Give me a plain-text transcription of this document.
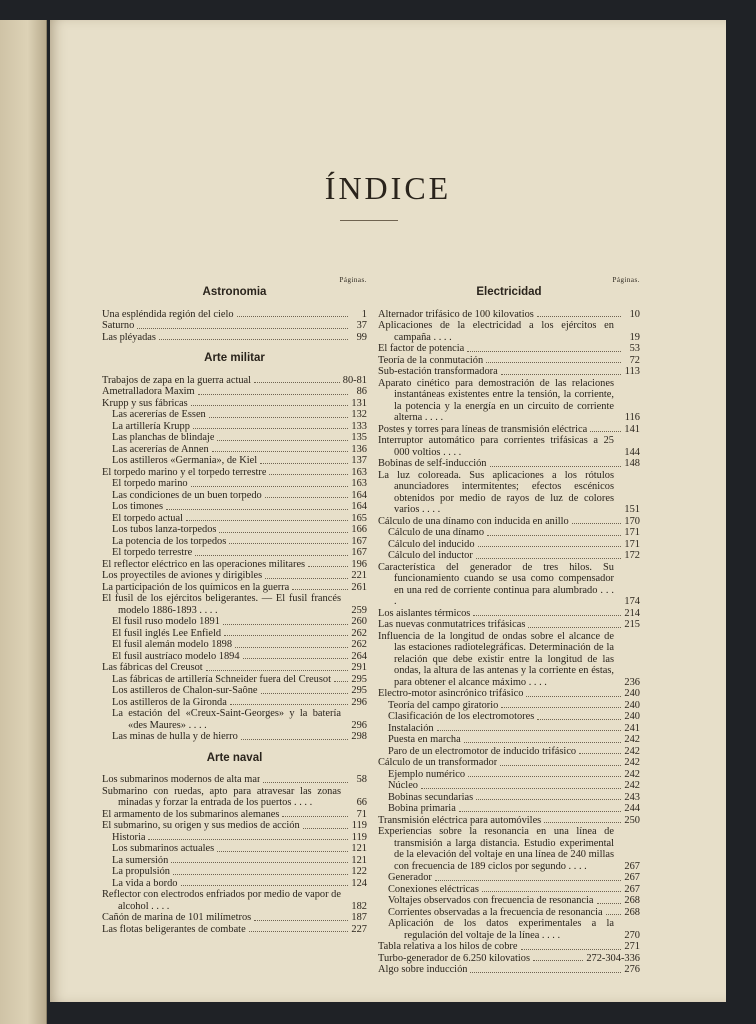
ÍNDICE
Páginas.
Astronomia
Una espléndida región del cielo	1
Saturno	37
Las pléyadas	99
Arte militar
Trabajos de zapa en la guerra actual	80-81
Ametralladora Maxim	86
Krupp y sus fábricas	131
Las acererías de Essen	132
La artillería Krupp	133
Las planchas de blindaje	135
Las acererías de Annen	136
Los astilleros «Germania», de Kiel	137
El torpedo marino y el torpedo terrestre	163
El torpedo marino	163
Las condiciones de un buen torpedo	164
Los timones	164
El torpedo actual	165
Los tubos lanza-torpedos	166
La potencia de los torpedos	167
El torpedo terrestre	167
El reflector eléctrico en las operaciones militares	196
Los proyectiles de aviones y dirigibles	221
La participación de los químicos en la guerra	261
El fusil de los ejércitos beligerantes. — El fusil francés modelo 1886-1893 . . . .	259
El fusil ruso modelo 1891	260
El fusil inglés Lee Enfield	262
El fusil alemán modelo 1898	262
El fusil austríaco modelo 1894	264
Las fábricas del Creusot	291
Las fábricas de artillería Schneider fuera del Creusot 295
Los astilleros de Chalon-sur-Saône	295
Los astilleros de la Gironda	296
La estación del «Creux-Saint-Georges» y la batería «des Maures» . . . .	296
Las minas de hulla y de hierro	298
Arte naval
Los submarinos modernos de alta mar	58
Submarino con ruedas, apto para atravesar las zonas minadas y forzar la entrada de los puertos . . . .	66
El armamento de los submarinos alemanes	71
El submarino, su origen y sus medios de acción	119
Historia	119
Los submarinos actuales	121
La sumersión	121
La propulsión	122
La vida a bordo	124
Reflector con electrodos enfriados por medio de vapor de alcohol . . . .	182
Cañón de marina de 101 milímetros	187
Las flotas beligerantes de combate	227
Páginas.
Electricidad
Alternador trifásico de 100 kilovatios	10
Aplicaciones de la electricidad a los ejércitos en campaña . . . .	19
El factor de potencia	53
Teoría de la conmutación	72
Sub-estación transformadora	113
Aparato cinético para demostración de las relaciones instantáneas existentes entre la tensión, la corriente, la potencia y la energía en un circuito de corriente alterna . . . .	116
Postes y torres para líneas de transmisión eléctrica	141
Interruptor automático para corrientes trifásicas a 25 000 voltios . . . .	144
Bobinas de self-inducción	148
La luz coloreada. Sus aplicaciones a los rótulos anunciadores intermitentes; efectos escénicos obtenidos por medio de rayos de luz de colores varios . . . .	151
Cálculo de una dínamo con inducida en anillo	170
Cálculo de una dínamo	171
Cálculo del inducido	171
Cálculo del inductor	172
Característica del generador de tres hilos. Su funcionamiento cuando se usa como compensador en una red de corriente continua para alumbrado . . . .	174
Los aislantes térmicos	214
Las nuevas conmutatrices trifásicas	215
Influencia de la longitud de ondas sobre el alcance de las estaciones radiotelegráficas. Determinación de la relación que debe existir entre la longitud de las ondas, la altura de las antenas y la corriente en éstas, para obtener el alcance máximo . . . .	236
Electro-motor asincrónico trifásico	240
Teoría del campo giratorio	240
Clasificación de los electromotores	240
Instalación	241
Puesta en marcha	242
Paro de un electromotor de inducido trifásico	242
Cálculo de un transformador	242
Ejemplo numérico	242
Núcleo	242
Bobinas secundarias	243
Bobina primaria	244
Transmisión eléctrica para automóviles	250
Experiencias sobre la resonancia en una línea de transmisión a larga distancia. Estudio experimental de la elevación del voltaje en una línea de 240 millas con frecuencia de 189 ciclos por segundo . . . .	267
Generador	267
Conexiones eléctricas	267
Voltajes observados con frecuencia de resonancia	268
Corrientes observadas a la frecuencia de resonancia 268
Aplicación de los datos experimentales a la regulación del voltaje de la línea . . . .	270
Tabla relativa a los hilos de cobre	271
Turbo-generador de 6.250 kilovatios	272-304-336
Algo sobre inducción	276
